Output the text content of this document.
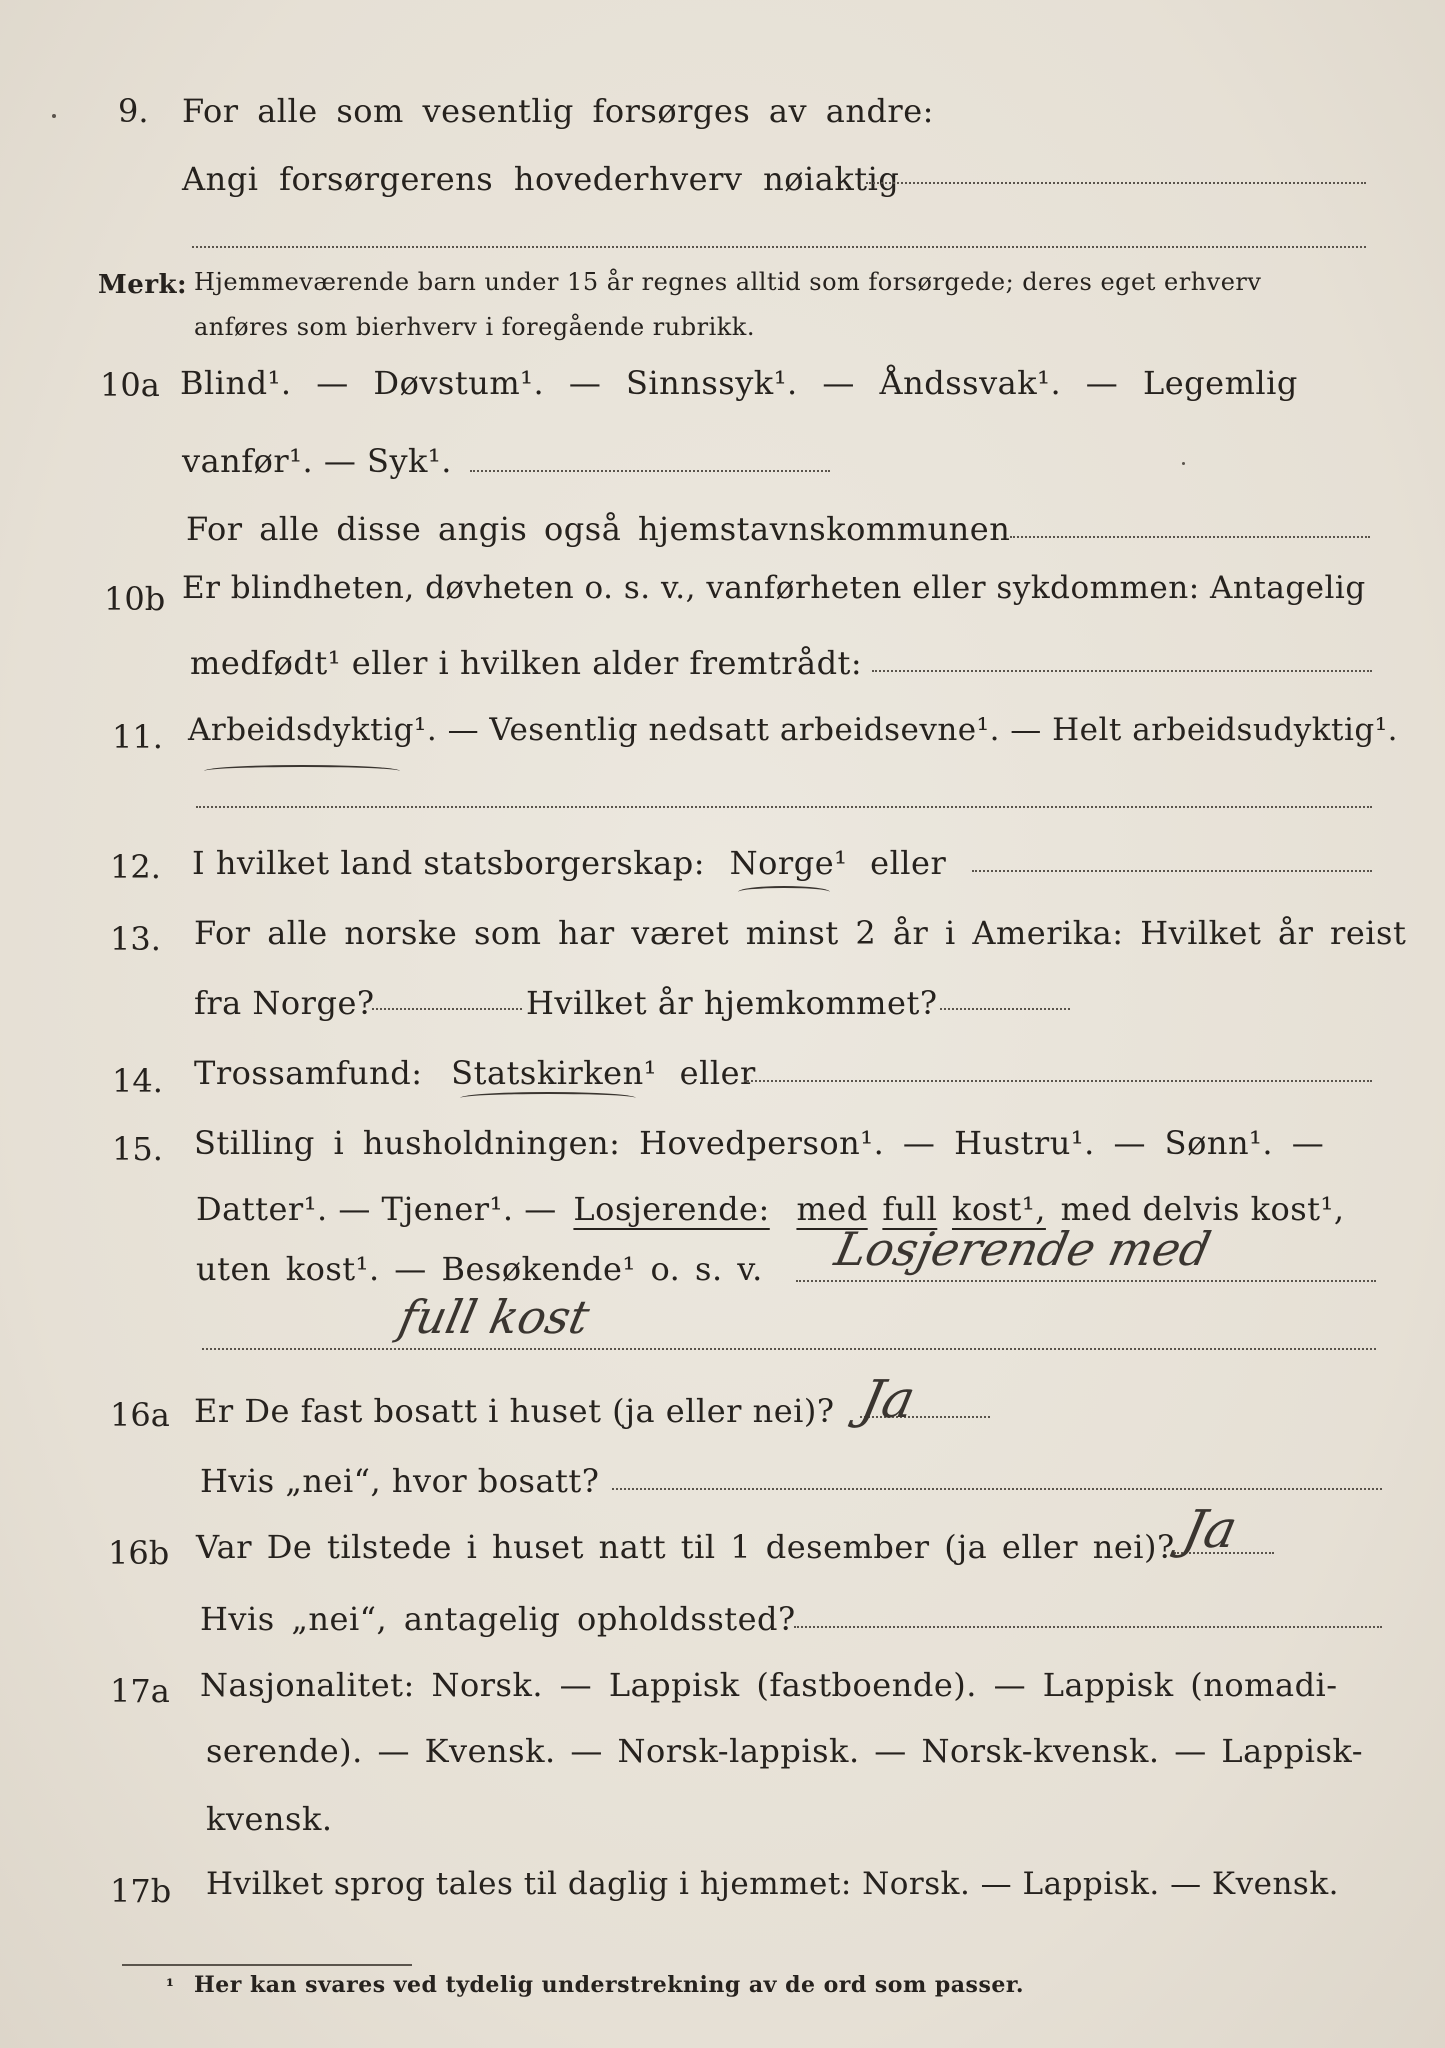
9. For alle som vesentlig forsørges av andre:
Angi forsørgerens hovederhverv nøiaktig
Merk: Hjemmeværende barn under 15 år regnes alltid som forsørgede; deres eget erhverv
anføres som bierhverv i foregående rubrikk.
10a Blind¹. — Døvstum¹. — Sinnssyk¹. — Åndssvak¹. — Legemlig
vanfør¹. — Syk¹.
For alle disse angis også hjemstavnskommunen
10b Er blindheten, døvheten o. s. v., vanførheten eller sykdommen: Antagelig
medfødt¹ eller i hvilken alder fremtrådt:
11. Arbeidsdyktig¹. — Vesentlig nedsatt arbeidsevne¹. — Helt arbeidsudyktig¹.
12. I hvilket land statsborgerskap: Norge¹ eller
13. For alle norske som har været minst 2 år i Amerika: Hvilket år reist
fra Norge?	Hvilket år hjemkommet?
14. Trossamfund: Statskirken¹ eller
15. Stilling i husholdningen: Hovedperson¹. — Hustru¹. — Sønn¹. —
Datter¹. — Tjener¹. — Losjerende: med full kost¹, med delvis kost¹,
uten kost¹. — Besøkende¹ o. s. v. Losjerende med
full kost
16a Er De fast bosatt i huset (ja eller nei)? Ja
Hvis „nei“, hvor bosatt?
16b Var De tilstede i huset natt til 1 desember (ja eller nei)? Ja
Hvis „nei“, antagelig opholdssted?
17a Nasjonalitet: Norsk. — Lappisk (fastboende). — Lappisk (nomadi-
serende). — Kvensk. — Norsk-lappisk. — Norsk-kvensk. — Lappisk-
kvensk.
17b Hvilket sprog tales til daglig i hjemmet: Norsk. — Lappisk. — Kvensk.
¹ Her kan svares ved tydelig understrekning av de ord som passer.
